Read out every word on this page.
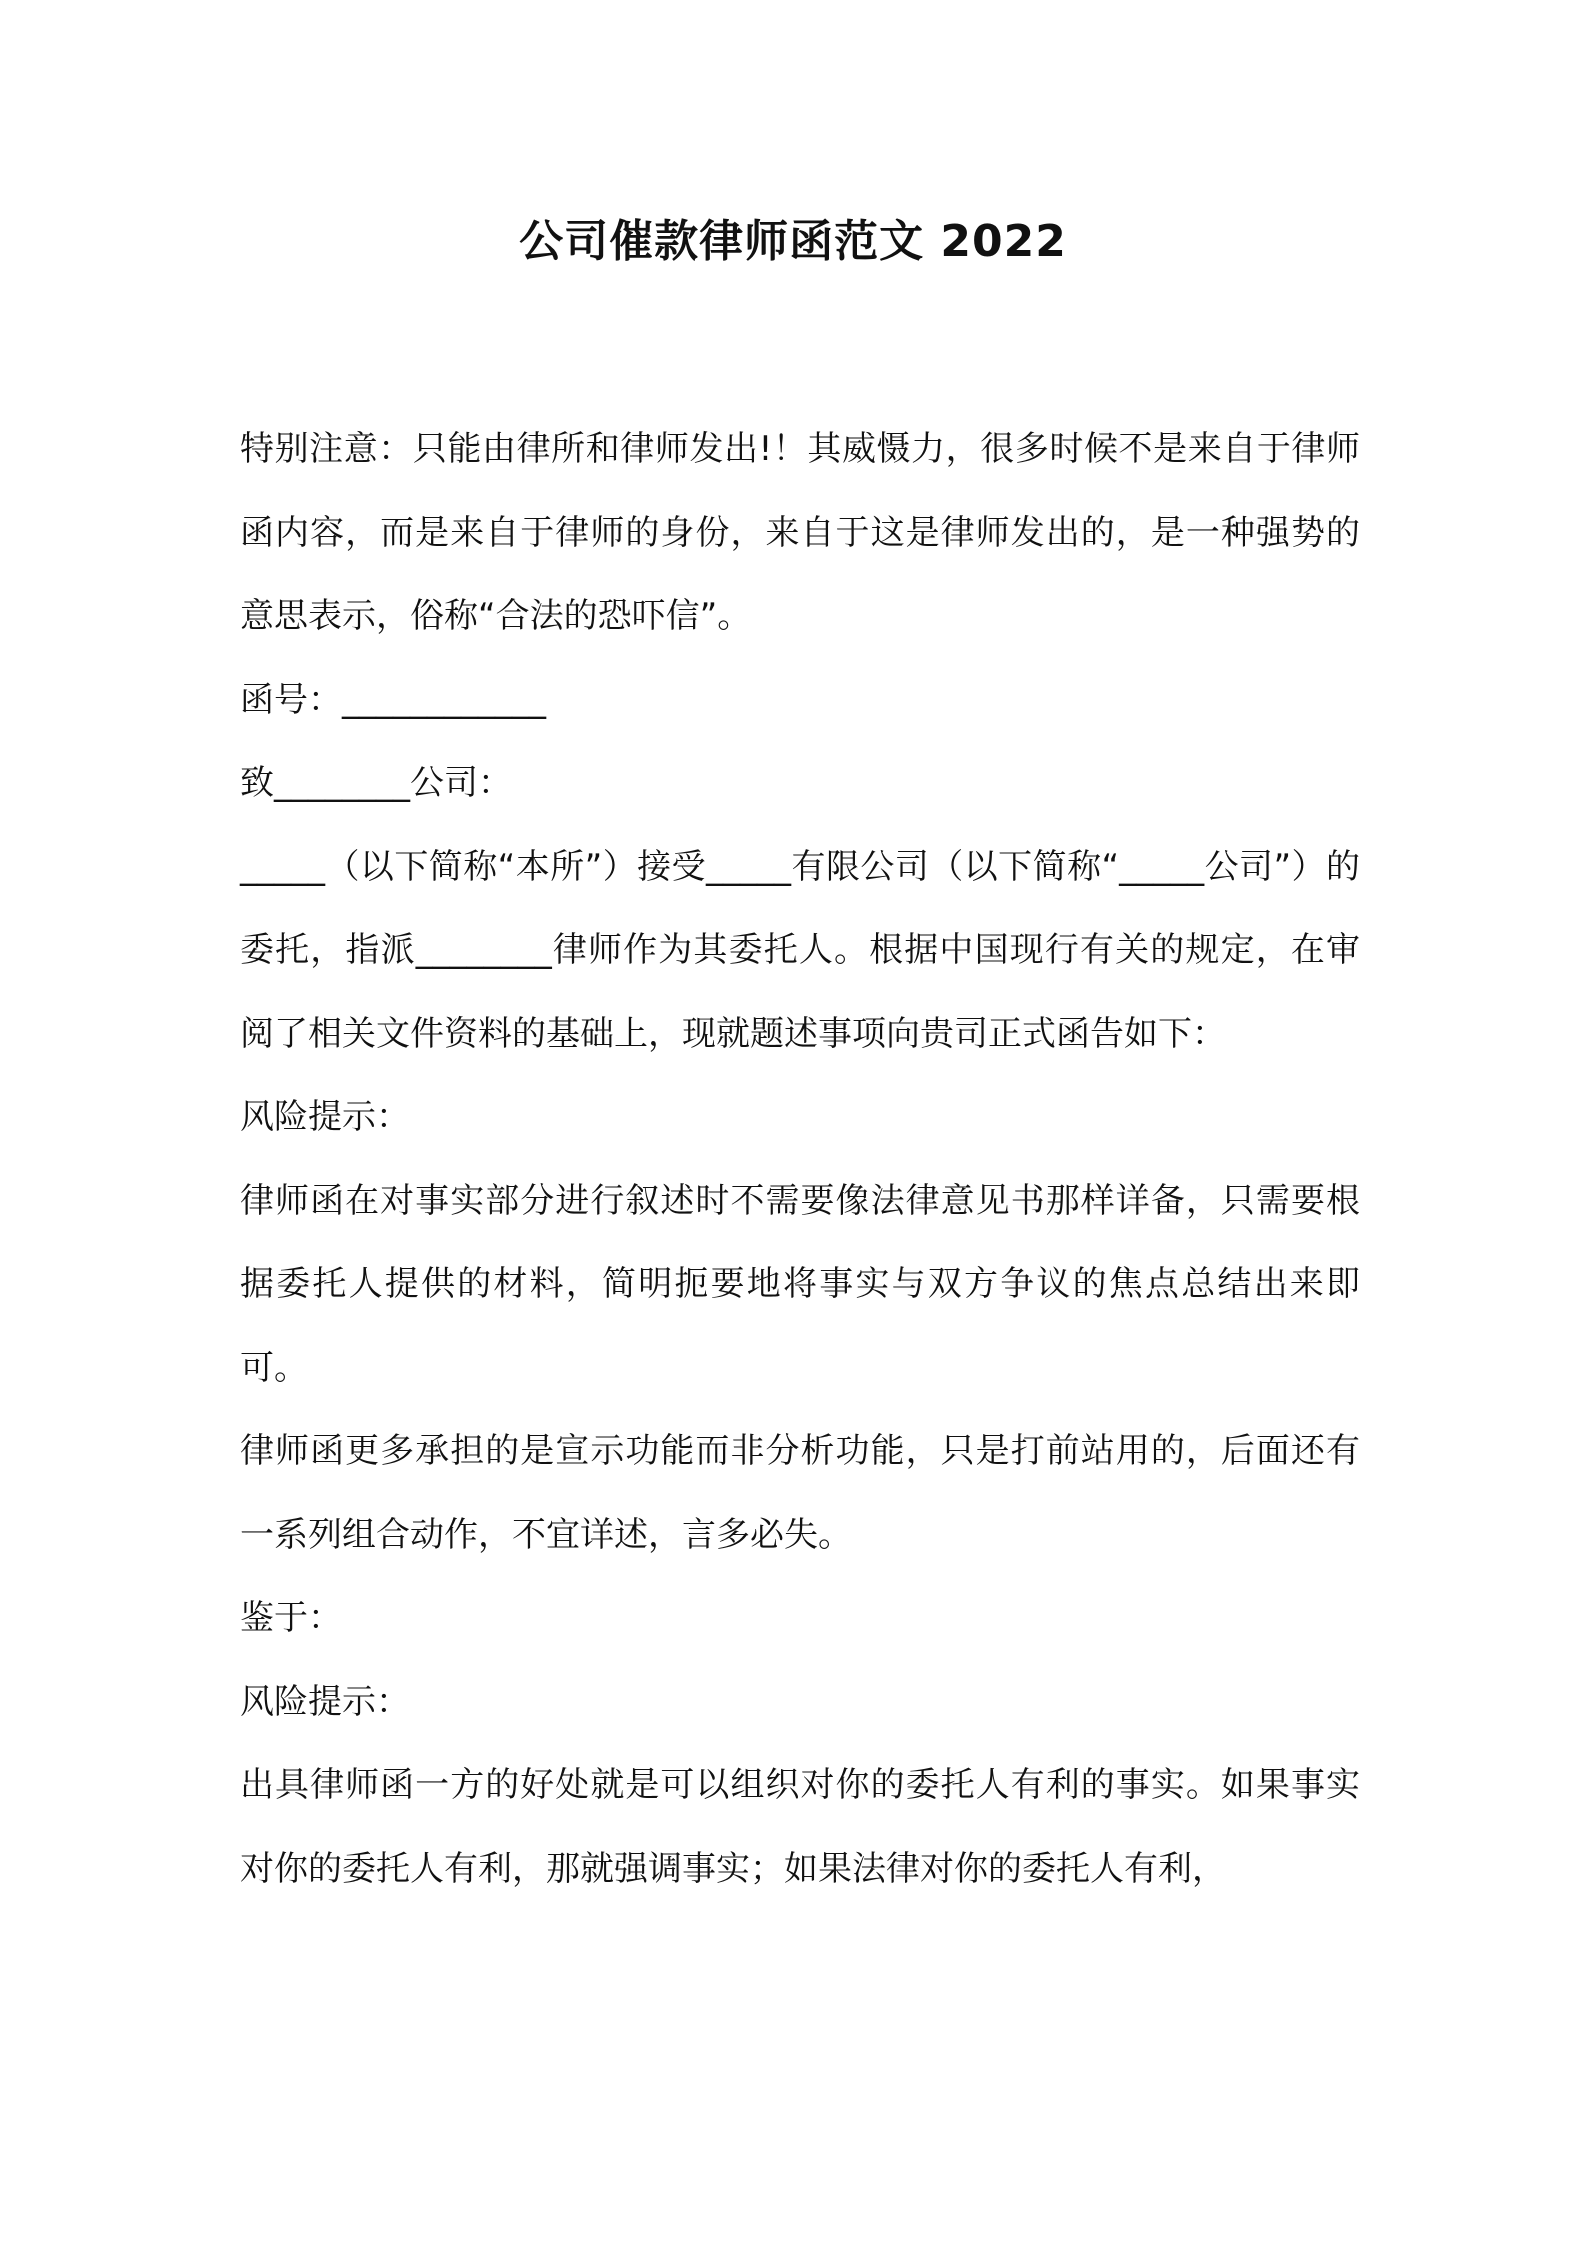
公司催款律师函范文 2022

特别注意：只能由律所和律师发出!！其威慑力，很多时候不是来自于律师函内容，而是来自于律师的身份，来自于这是律师发出的，是一种强势的意思表示，俗称“合法的恐吓信”。

函号：____________

致________公司：

_____（以下简称“本所”）接受_____有限公司（以下简称“_____公司”）的委托，指派________律师作为其委托人。根据中国现行有关的规定，在审阅了相关文件资料的基础上，现就题述事项向贵司正式函告如下：

风险提示：

律师函在对事实部分进行叙述时不需要像法律意见书那样详备，只需要根据委托人提供的材料，简明扼要地将事实与双方争议的焦点总结出来即可。

律师函更多承担的是宣示功能而非分析功能，只是打前站用的，后面还有一系列组合动作，不宜详述，言多必失。

鉴于：

风险提示：

出具律师函一方的好处就是可以组织对你的委托人有利的事实。如果事实对你的委托人有利，那就强调事实；如果法律对你的委托人有利，
